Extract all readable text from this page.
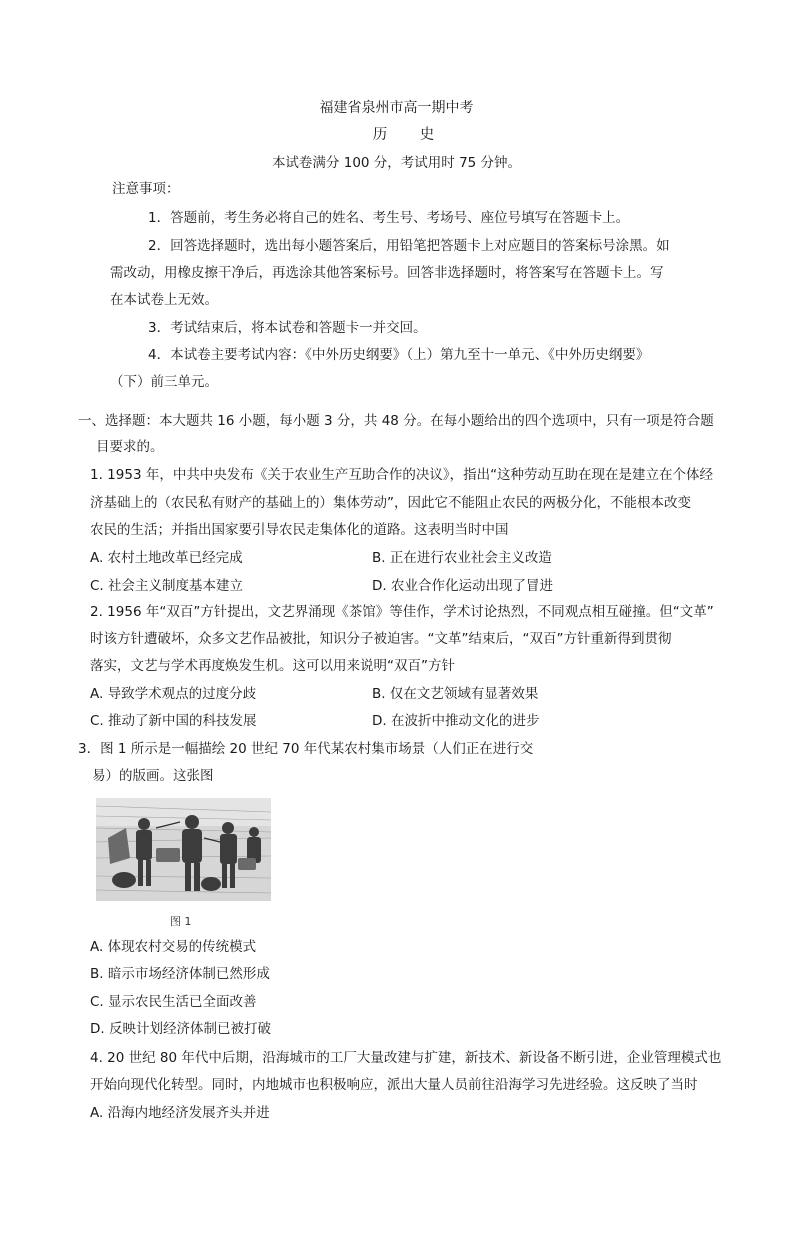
福建省泉州市高一期中考
历 史
本试卷满分 100 分，考试用时 75 分钟。
注意事项：
1．答题前，考生务必将自己的姓名、考生号、考场号、座位号填写在答题卡上。
2．回答选择题时，选出每小题答案后，用铅笔把答题卡上对应题目的答案标号涂黑。如
需改动，用橡皮擦干净后，再选涂其他答案标号。回答非选择题时，将答案写在答题卡上。写
在本试卷上无效。
3．考试结束后，将本试卷和答题卡一并交回。
4．本试卷主要考试内容：《中外历史纲要》（上）第九至十一单元、《中外历史纲要》
（下）前三单元。
一、选择题：本大题共 16 小题，每小题 3 分，共 48 分。在每小题给出的四个选项中，只有一项是符合题
目要求的。
1. 1953 年，中共中央发布《关于农业生产互助合作的决议》，指出“这种劳动互助在现在是建立在个体经
济基础上的（农民私有财产的基础上的）集体劳动”，因此它不能阻止农民的两极分化，不能根本改变
农民的生活；并指出国家要引导农民走集体化的道路。这表明当时中国
A. 农村土地改革已经完成	B. 正在进行农业社会主义改造
C. 社会主义制度基本建立	D. 农业合作化运动出现了冒进
2. 1956 年“双百”方针提出，文艺界涌现《茶馆》等佳作，学术讨论热烈，不同观点相互碰撞。但“文革”
时该方针遭破坏，众多文艺作品被批，知识分子被迫害。“文革”结束后，“双百”方针重新得到贯彻
落实，文艺与学术再度焕发生机。这可以用来说明“双百”方针
A. 导致学术观点的过度分歧	B. 仅在文艺领域有显著效果
C. 推动了新中国的科技发展	D. 在波折中推动文化的进步
3．图 1 所示是一幅描绘 20 世纪 70 年代某农村集市场景（人们正在进行交
易）的版画。这张图
图 1
A. 体现农村交易的传统模式
B. 暗示市场经济体制已然形成
C. 显示农民生活已全面改善
D. 反映计划经济体制已被打破
4. 20 世纪 80 年代中后期，沿海城市的工厂大量改建与扩建，新技术、新设备不断引进，企业管理模式也
开始向现代化转型。同时，内地城市也积极响应，派出大量人员前往沿海学习先进经验。这反映了当时
A. 沿海内地经济发展齐头并进
